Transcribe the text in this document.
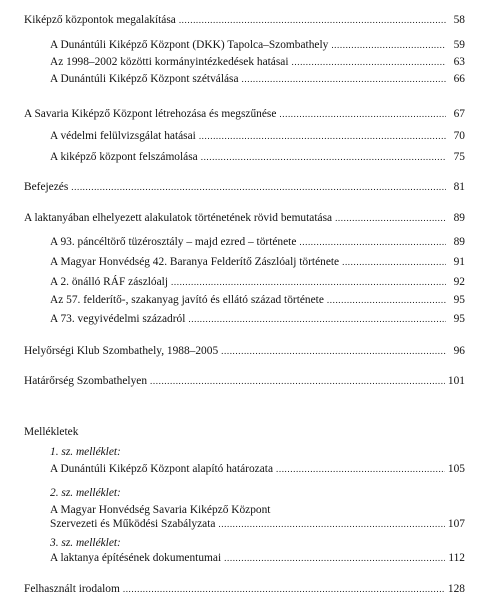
Kiképző központok megalakítása .....	58
A Dunántúli Kiképző Központ (DKK) Tapolca–Szombathely .....	59
Az 1998–2002 közötti kormányintézkedések hatásai .....	63
A Dunántúli Kiképző Központ szétválása .....	66
A Savaria Kiképző Központ létrehozása és megszűnése .....	67
A védelmi felülvizsgálat hatásai .....	70
A kiképző központ felszámolása .....	75
Befejezés .....	81
A laktanyában elhelyezett alakulatok történetének rövid bemutatása .....	89
A 93. páncéltörő tüzérosztály – majd ezred – története .....	89
A Magyar Honvédség 42. Baranya Felderítő Zászlóalj története .....	91
A 2. önálló RÁF zászlóalj .....	92
Az 57. felderítő-, szakanyag javító és ellátó század története .....	95
A 73. vegyivédelmi századról .....	95
Helyőrségi Klub Szombathely, 1988–2005 .....	96
Határőrség Szombathelyen .....	101
Mellékletek
1. sz. melléklet:
A Dunántúli Kiképző Központ alapító határozata .....	105
2. sz. melléklet:
A Magyar Honvédség Savaria Kiképző Központ
Szervezeti és Működési Szabályzata .....	107
3. sz. melléklet:
A laktanya építésének dokumentumai .....	112
Felhasznált irodalom .....	128
